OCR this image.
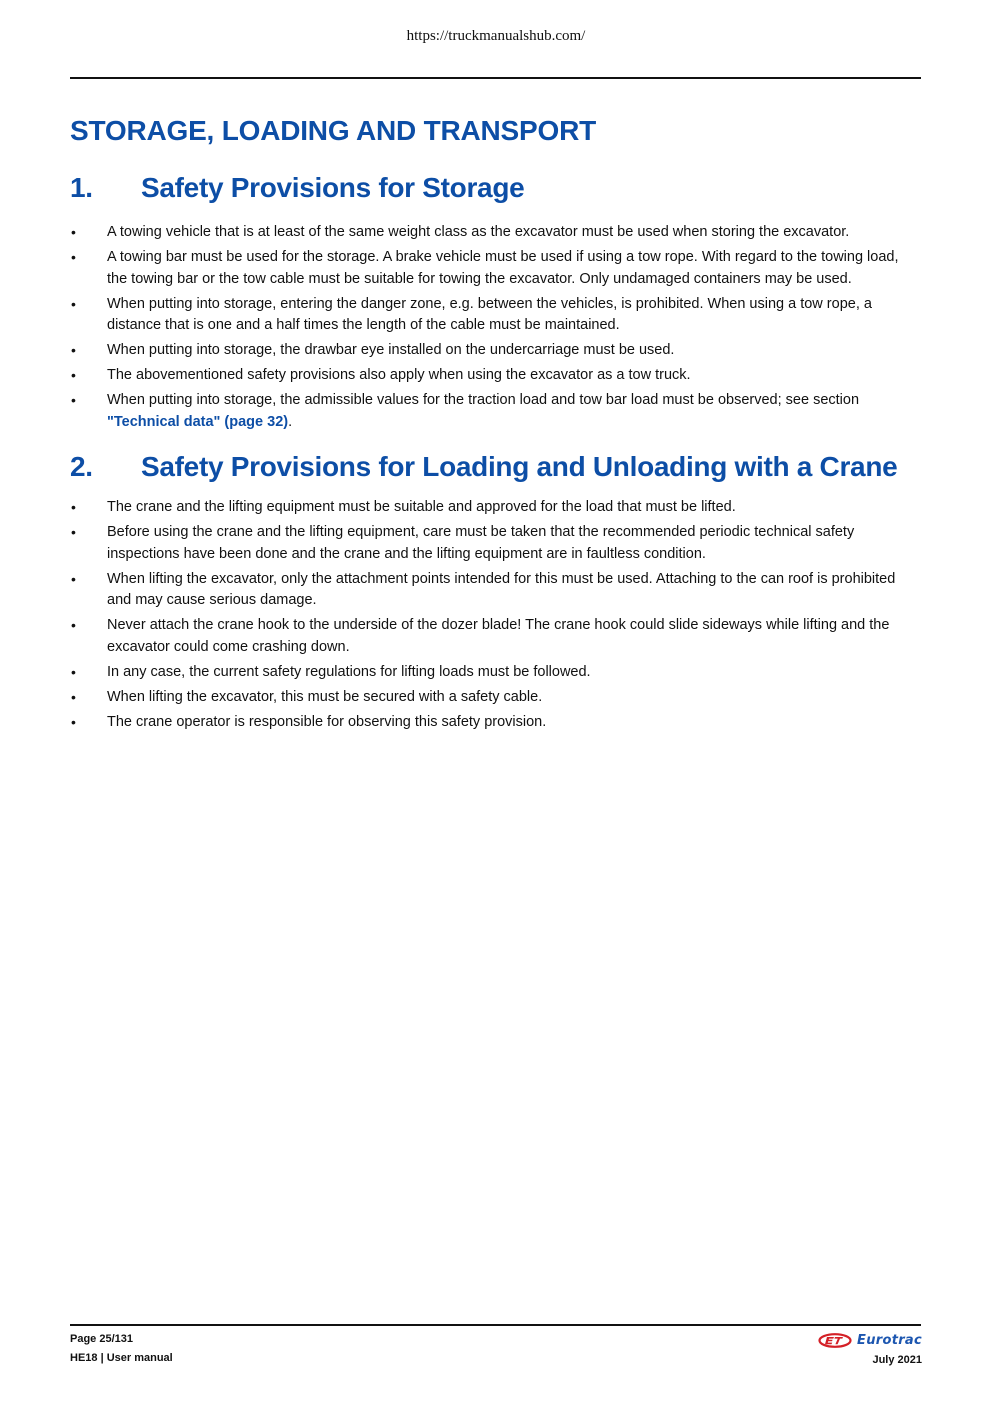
https://truckmanualshub.com/
STORAGE, LOADING AND TRANSPORT
1.	Safety Provisions for Storage
• A towing vehicle that is at least of the same weight class as the excavator must be used when storing the excavator.
• A towing bar must be used for the storage. A brake vehicle must be used if using a tow rope. With regard to the towing load, the towing bar or the tow cable must be suitable for towing the excavator. Only undamaged containers may be used.
• When putting into storage, entering the danger zone, e.g. between the vehicles, is prohibited. When using a tow rope, a distance that is one and a half times the length of the cable must be maintained.
• When putting into storage, the drawbar eye installed on the undercarriage must be used.
• The abovementioned safety provisions also apply when using the excavator as a tow truck.
• When putting into storage, the admissible values for the traction load and tow bar load must be observed; see section "Technical data" (page 32).
2.	Safety Provisions for Loading and Unloading with a Crane
• The crane and the lifting equipment must be suitable and approved for the load that must be lifted.
• Before using the crane and the lifting equipment, care must be taken that the recommended periodic technical safety inspections have been done and the crane and the lifting equipment are in faultless condition.
• When lifting the excavator, only the attachment points intended for this must be used. Attaching to the can roof is prohibited and may cause serious damage.
• Never attach the crane hook to the underside of the dozer blade! The crane hook could slide sideways while lifting and the excavator could come crashing down.
• In any case, the current safety regulations for lifting loads must be followed.
• When lifting the excavator, this must be secured with a safety cable.
• The crane operator is responsible for observing this safety provision.
Page 25/131
HE18 | User manual
Eurotrac
July 2021
